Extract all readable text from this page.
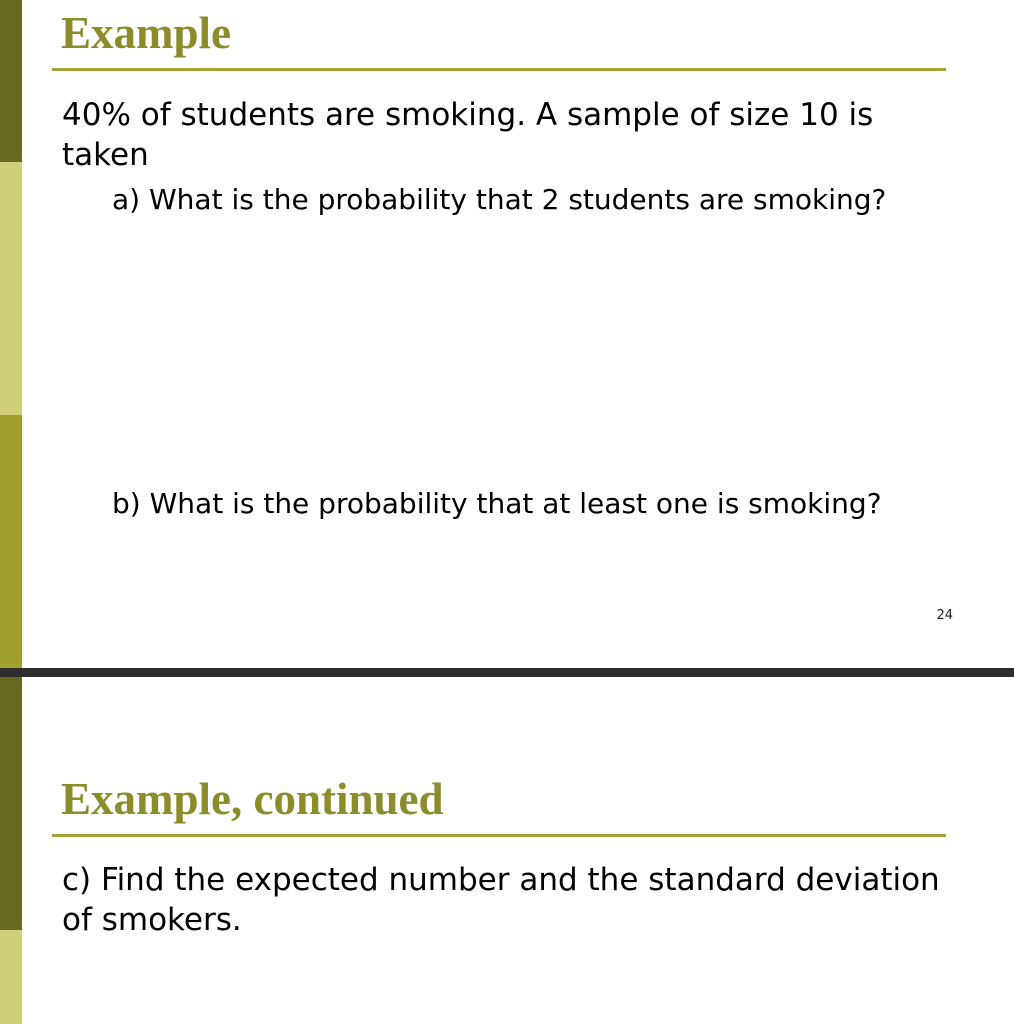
Example

40% of students are smoking. A sample of size 10 is taken

a) What is the probability that 2 students are smoking?

b) What is the probability that at least one is smoking?

24
Example, continued

c) Find the expected number and the standard deviation of smokers.
